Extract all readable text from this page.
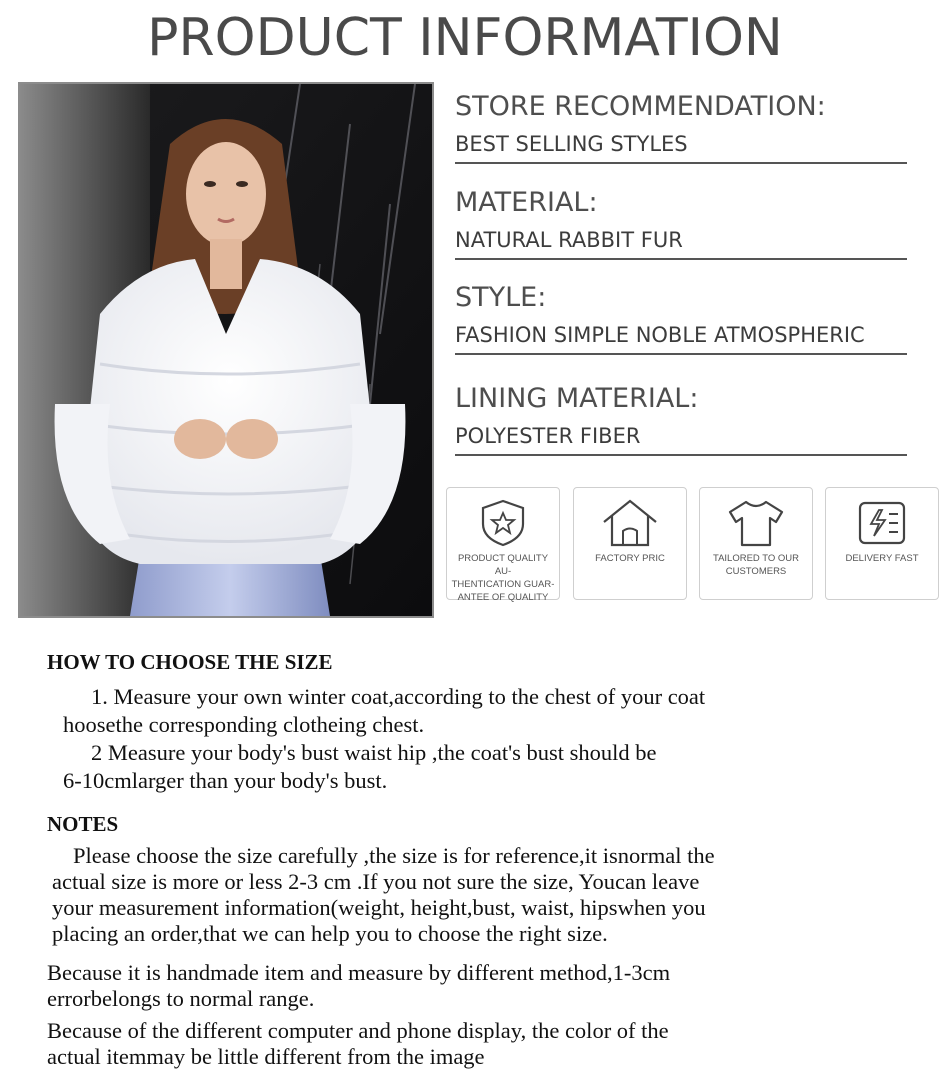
PRODUCT INFORMATION
STORE RECOMMENDATION:
BEST SELLING STYLES
MATERIAL:
NATURAL RABBIT FUR
STYLE:
FASHION SIMPLE NOBLE ATMOSPHERIC
LINING MATERIAL:
POLYESTER FIBER
PRODUCT QUALITY AU-
THENTICATION GUAR-
ANTEE OF QUALITY
FACTORY PRIC	TAILORED TO OUR
CUSTOMERS
DELIVERY FAST
HOW TO CHOOSE THE SIZE
1. Measure your own winter coat,according to the chest of your coat
hoosethe corresponding clotheing chest.
2 Measure your body's bust waist hip ,the coat's bust should be
6-10cmlarger than your body's bust.
NOTES
Please choose the size carefully ,the size is for reference,it isnormal the
actual size is more or less 2-3 cm .If you not sure the size, Youcan leave
your measurement information(weight, height,bust, waist, hipswhen you
placing an order,that we can help you to choose the right size.
Because it is handmade item and measure by different method,1-3cm
errorbelongs to normal range.
Because of the different computer and phone display, the color of the
actual itemmay be little different from the image
